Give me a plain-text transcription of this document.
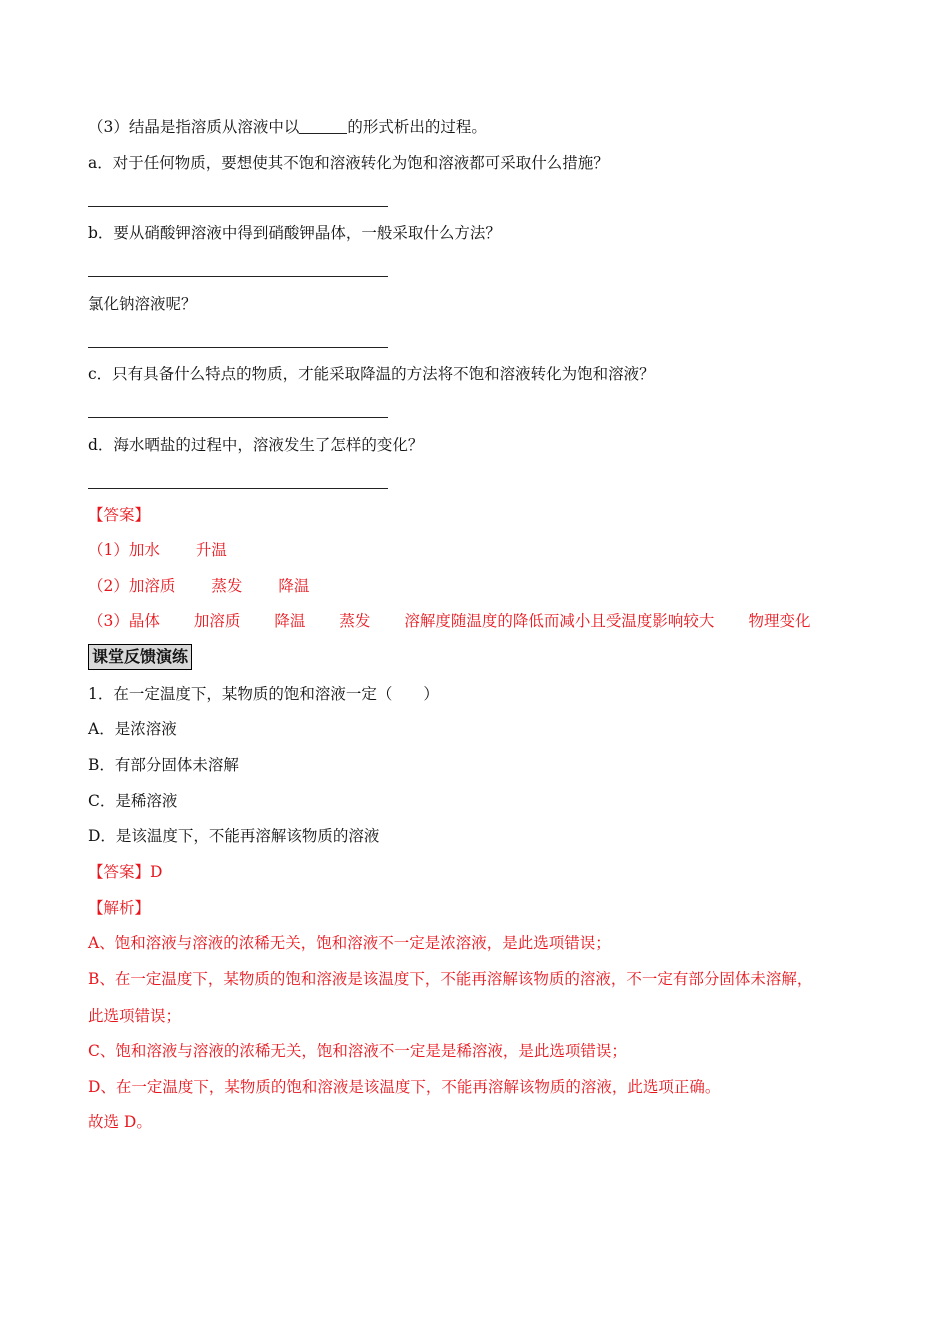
（3）结晶是指溶质从溶液中以	的形式析出的过程。
a．对于任何物质，要想使其不饱和溶液转化为饱和溶液都可采取什么措施？
b．要从硝酸钾溶液中得到硝酸钾晶体，一般采取什么方法？
氯化钠溶液呢？
c．只有具备什么特点的物质，才能采取降温的方法将不饱和溶液转化为饱和溶液？
d．海水晒盐的过程中，溶液发生了怎样的变化？
【答案】
（1）加水 升温
（2）加溶质 蒸发 降温
（3）晶体 加溶质 降温 蒸发 溶解度随温度的降低而减小且受温度影响较大 物理变化
课堂反馈演练
1．在一定温度下，某物质的饱和溶液一定（　　）
A．是浓溶液
B．有部分固体未溶解
C．是稀溶液
D．是该温度下，不能再溶解该物质的溶液
【答案】D
【解析】
A、饱和溶液与溶液的浓稀无关，饱和溶液不一定是浓溶液，是此选项错误；
B、在一定温度下，某物质的饱和溶液是该温度下，不能再溶解该物质的溶液，不一定有部分固体未溶解，
此选项错误；
C、饱和溶液与溶液的浓稀无关，饱和溶液不一定是是稀溶液，是此选项错误；
D、在一定温度下，某物质的饱和溶液是该温度下，不能再溶解该物质的溶液，此选项正确。
故选 D。
